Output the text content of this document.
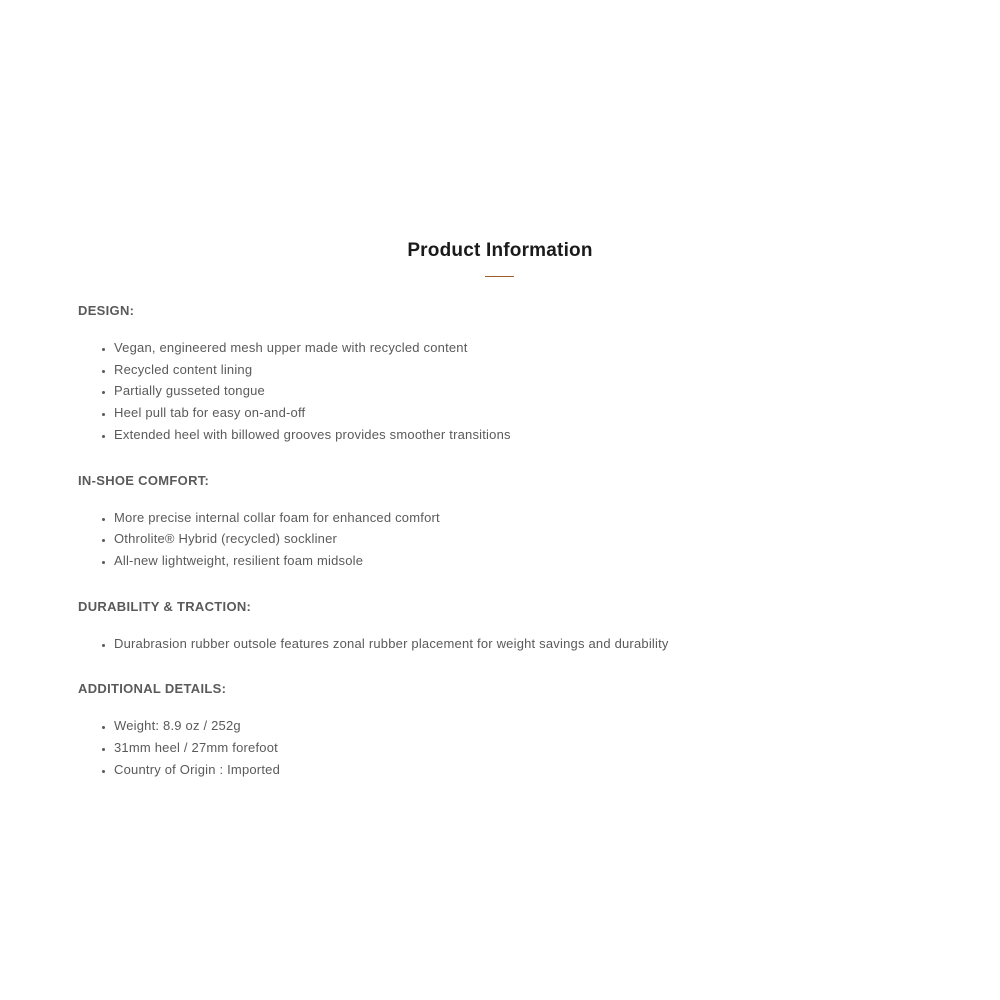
Product Information
DESIGN:
• Vegan, engineered mesh upper made with recycled content
• Recycled content lining
• Partially gusseted tongue
• Heel pull tab for easy on-and-off
• Extended heel with billowed grooves provides smoother transitions
IN-SHOE COMFORT:
• More precise internal collar foam for enhanced comfort
• Othrolite® Hybrid (recycled) sockliner
• All-new lightweight, resilient foam midsole
DURABILITY & TRACTION:
• Durabrasion rubber outsole features zonal rubber placement for weight savings and durability
ADDITIONAL DETAILS:
• Weight: 8.9 oz / 252g
• 31mm heel / 27mm forefoot
• Country of Origin : Imported
